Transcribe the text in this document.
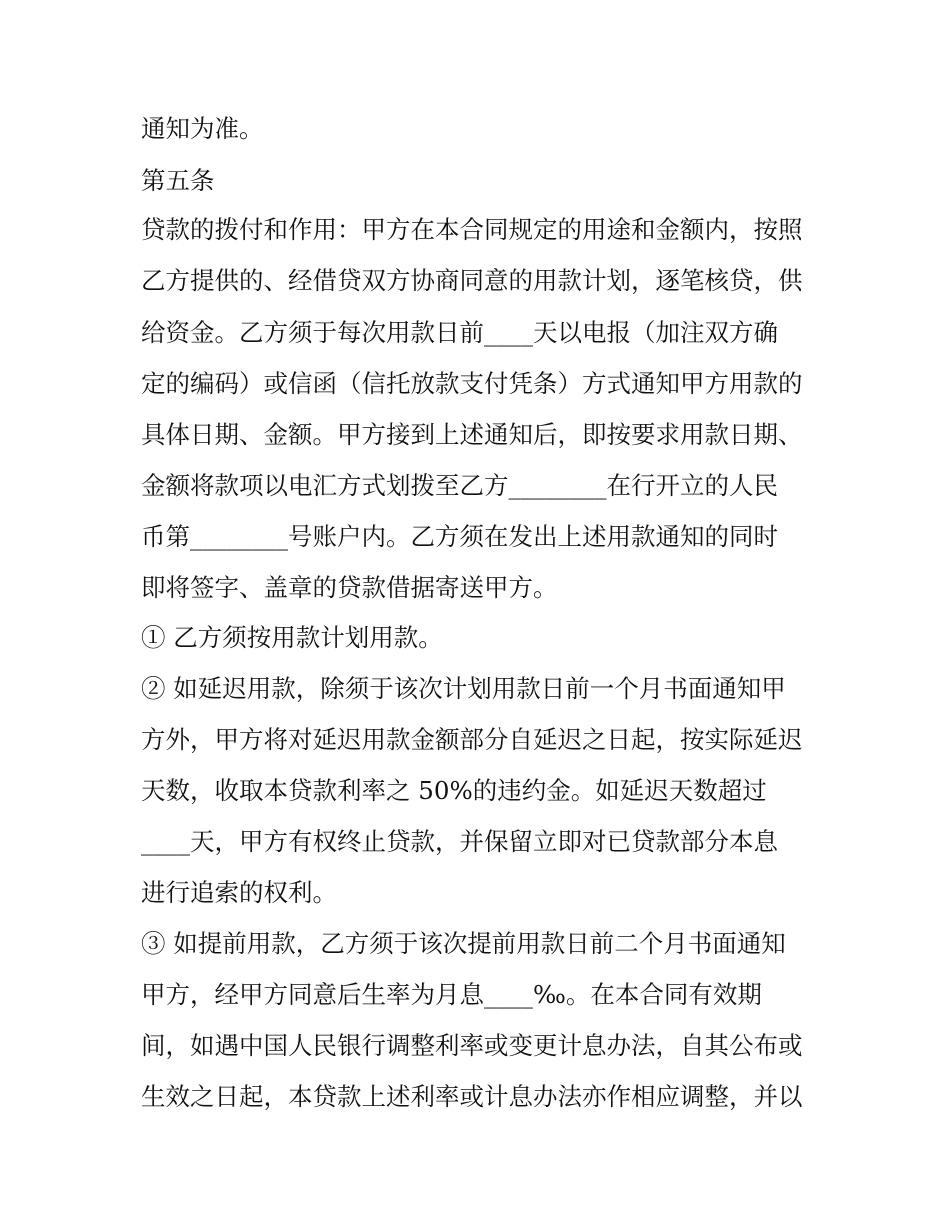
通知为准。
第五条
贷款的拨付和作用：甲方在本合同规定的用途和金额内，按照
乙方提供的、经借贷双方协商同意的用款计划，逐笔核贷，供
给资金。乙方须于每次用款日前____天以电报（加注双方确
定的编码）或信函（信托放款支付凭条）方式通知甲方用款的
具体日期、金额。甲方接到上述通知后，即按要求用款日期、
金额将款项以电汇方式划拨至乙方________在行开立的人民
币第________号账户内。乙方须在发出上述用款通知的同时
即将签字、盖章的贷款借据寄送甲方。
① 乙方须按用款计划用款。
② 如延迟用款，除须于该次计划用款日前一个月书面通知甲
方外，甲方将对延迟用款金额部分自延迟之日起，按实际延迟
天数，收取本贷款利率之 50%的违约金。如延迟天数超过
____天，甲方有权终止贷款，并保留立即对已贷款部分本息
进行追索的权利。
③ 如提前用款，乙方须于该次提前用款日前二个月书面通知
甲方，经甲方同意后生率为月息____‰。在本合同有效期
间，如遇中国人民银行调整利率或变更计息办法，自其公布或
生效之日起，本贷款上述利率或计息办法亦作相应调整，并以
